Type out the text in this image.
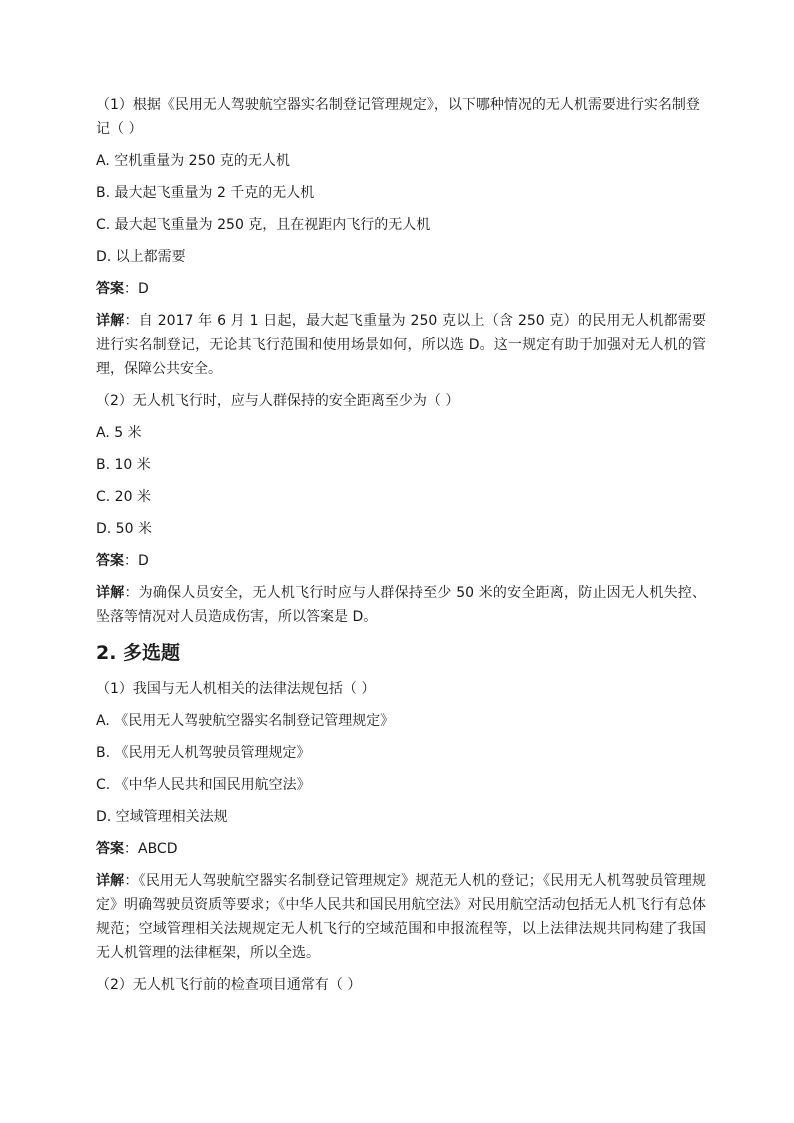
（1）根据《民用无人驾驶航空器实名制登记管理规定》，以下哪种情况的无人机需要进行实名制登记（ ）
A. 空机重量为 250 克的无人机
B. 最大起飞重量为 2 千克的无人机
C. 最大起飞重量为 250 克，且在视距内飞行的无人机
D. 以上都需要
答案：D
详解：自 2017 年 6 月 1 日起，最大起飞重量为 250 克以上（含 250 克）的民用无人机都需要进行实名制登记，无论其飞行范围和使用场景如何，所以选 D。这一规定有助于加强对无人机的管理，保障公共安全。
（2）无人机飞行时，应与人群保持的安全距离至少为（ ）
A. 5 米
B. 10 米
C. 20 米
D. 50 米
答案：D
详解：为确保人员安全，无人机飞行时应与人群保持至少 50 米的安全距离，防止因无人机失控、坠落等情况对人员造成伤害，所以答案是 D。
2. 多选题
（1）我国与无人机相关的法律法规包括（ ）
A. 《民用无人驾驶航空器实名制登记管理规定》
B. 《民用无人机驾驶员管理规定》
C. 《中华人民共和国民用航空法》
D. 空域管理相关法规
答案：ABCD
详解：《民用无人驾驶航空器实名制登记管理规定》规范无人机的登记；《民用无人机驾驶员管理规定》明确驾驶员资质等要求；《中华人民共和国民用航空法》对民用航空活动包括无人机飞行有总体规范；空域管理相关法规规定无人机飞行的空域范围和申报流程等，以上法律法规共同构建了我国无人机管理的法律框架，所以全选。
（2）无人机飞行前的检查项目通常有（ ）
